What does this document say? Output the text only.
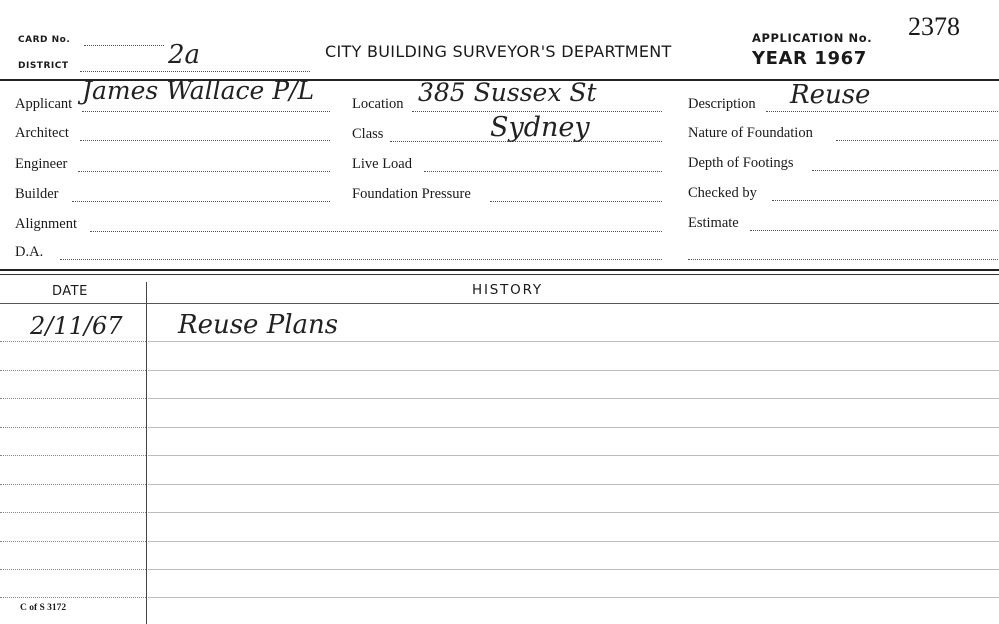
CARD No.
DISTRICT	2a	CITY BUILDING SURVEYOR'S DEPARTMENT
APPLICATION No. 2378
YEAR 1967
Applicant James Wallace P/L
Architect
Engineer
Builder
Alignment
D.A.
Location 385 Sussex St
Sydney
Class
Live Load
Foundation Pressure
Description Reuse
Nature of Foundation
Depth of Footings
Checked by
Estimate
DATE	HISTORY
2/11/67 Reuse Plans
C of S 3172
